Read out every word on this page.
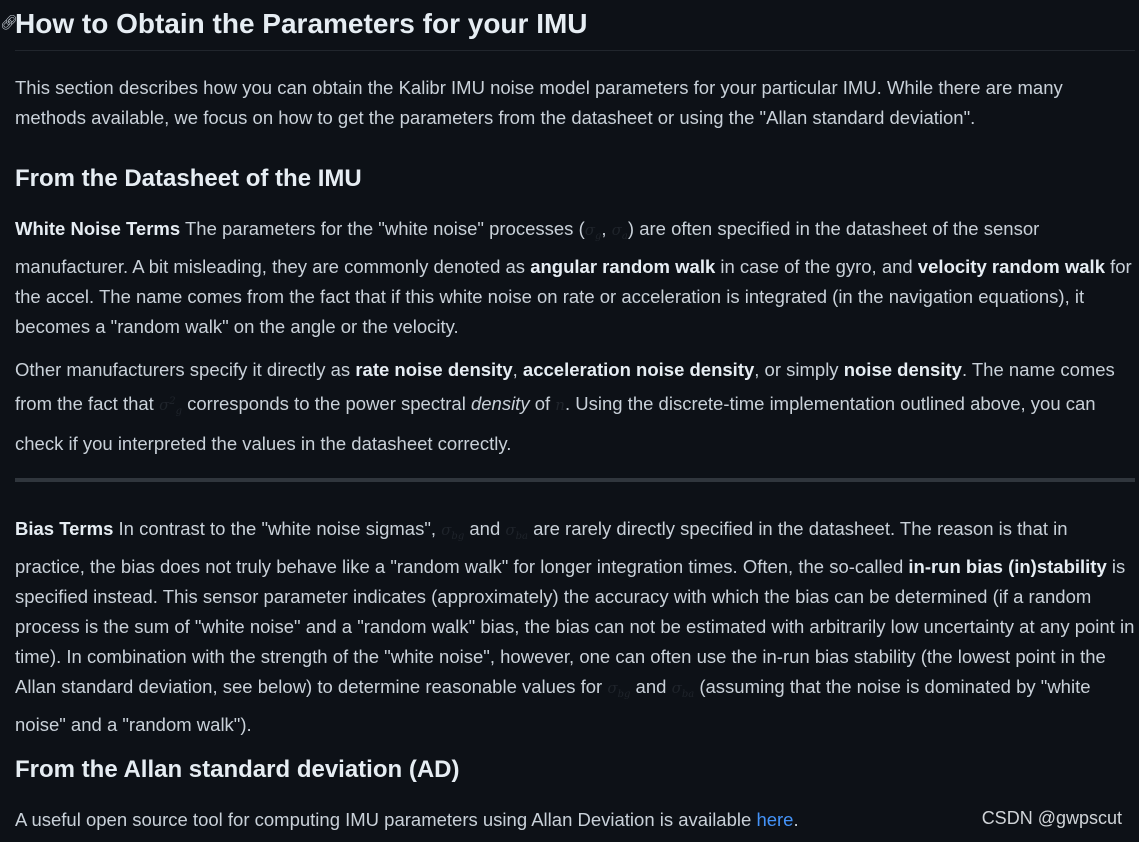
🔗︎
How to Obtain the Parameters for your IMU

This section describes how you can obtain the Kalibr IMU noise model parameters for your particular IMU. While there are many methods available, we focus on how to get the parameters from the datasheet or using the "Allan standard deviation".

From the Datasheet of the IMU

White Noise Terms The parameters for the "white noise" processes ($\sigma_g$, $\sigma_a$) are often specified in the datasheet of the sensor manufacturer. A bit misleading, they are commonly denoted as angular random walk in case of the gyro, and velocity random walk for the accel. The name comes from the fact that if this white noise on rate or acceleration is integrated (in the navigation equations), it becomes a "random walk" on the angle or the velocity.

Other manufacturers specify it directly as rate noise density, acceleration noise density, or simply noise density. The name comes from the fact that $\sigma^2_g$ corresponds to the power spectral density of n. Using the discrete-time implementation outlined above, you can check if you interpreted the values in the datasheet correctly.

Bias Terms In contrast to the "white noise sigmas", $\sigma_{bg}$ and $\sigma_{ba}$ are rarely directly specified in the datasheet. The reason is that in practice, the bias does not truly behave like a "random walk" for longer integration times. Often, the so-called in-run bias (in)stability is specified instead. This sensor parameter indicates (approximately) the accuracy with which the bias can be determined (if a random process is the sum of "white noise" and a "random walk" bias, the bias can not be estimated with arbitrarily low uncertainty at any point in time). In combination with the strength of the "white noise", however, one can often use the in-run bias stability (the lowest point in the Allan standard deviation, see below) to determine reasonable values for $\sigma_{bg}$ and $\sigma_{ba}$ (assuming that the noise is dominated by "white noise" and a "random walk").

From the Allan standard deviation (AD)

A useful open source tool for computing IMU parameters using Allan Deviation is available here.	CSDN @gwpscut
